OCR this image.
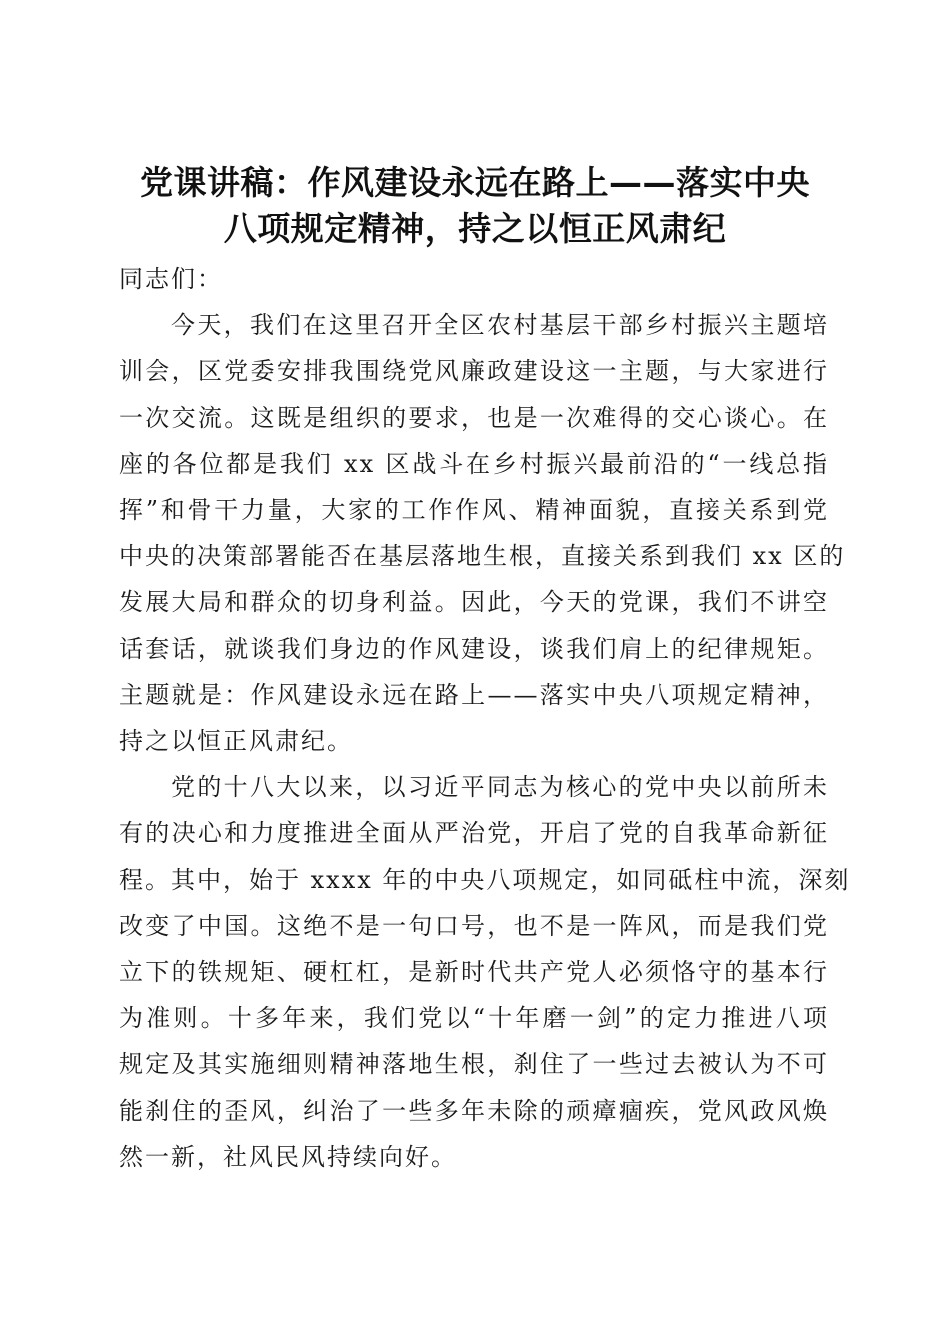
党课讲稿：作风建设永远在路上——落实中央
八项规定精神，持之以恒正风肃纪

同志们：

今天，我们在这里召开全区农村基层干部乡村振兴主题培
训会，区党委安排我围绕党风廉政建设这一主题，与大家进行
一次交流。这既是组织的要求，也是一次难得的交心谈心。在
座的各位都是我们 xx 区战斗在乡村振兴最前沿的“一线总指
挥”和骨干力量，大家的工作作风、精神面貌，直接关系到党
中央的决策部署能否在基层落地生根，直接关系到我们 xx 区的
发展大局和群众的切身利益。因此，今天的党课，我们不讲空
话套话，就谈我们身边的作风建设，谈我们肩上的纪律规矩。
主题就是：作风建设永远在路上——落实中央八项规定精神，
持之以恒正风肃纪。

党的十八大以来，以习近平同志为核心的党中央以前所未
有的决心和力度推进全面从严治党，开启了党的自我革命新征
程。其中，始于 xxxx 年的中央八项规定，如同砥柱中流，深刻
改变了中国。这绝不是一句口号，也不是一阵风，而是我们党
立下的铁规矩、硬杠杠，是新时代共产党人必须恪守的基本行
为准则。十多年来，我们党以“十年磨一剑”的定力推进八项
规定及其实施细则精神落地生根，刹住了一些过去被认为不可
能刹住的歪风，纠治了一些多年未除的顽瘴痼疾，党风政风焕
然一新，社风民风持续向好。
